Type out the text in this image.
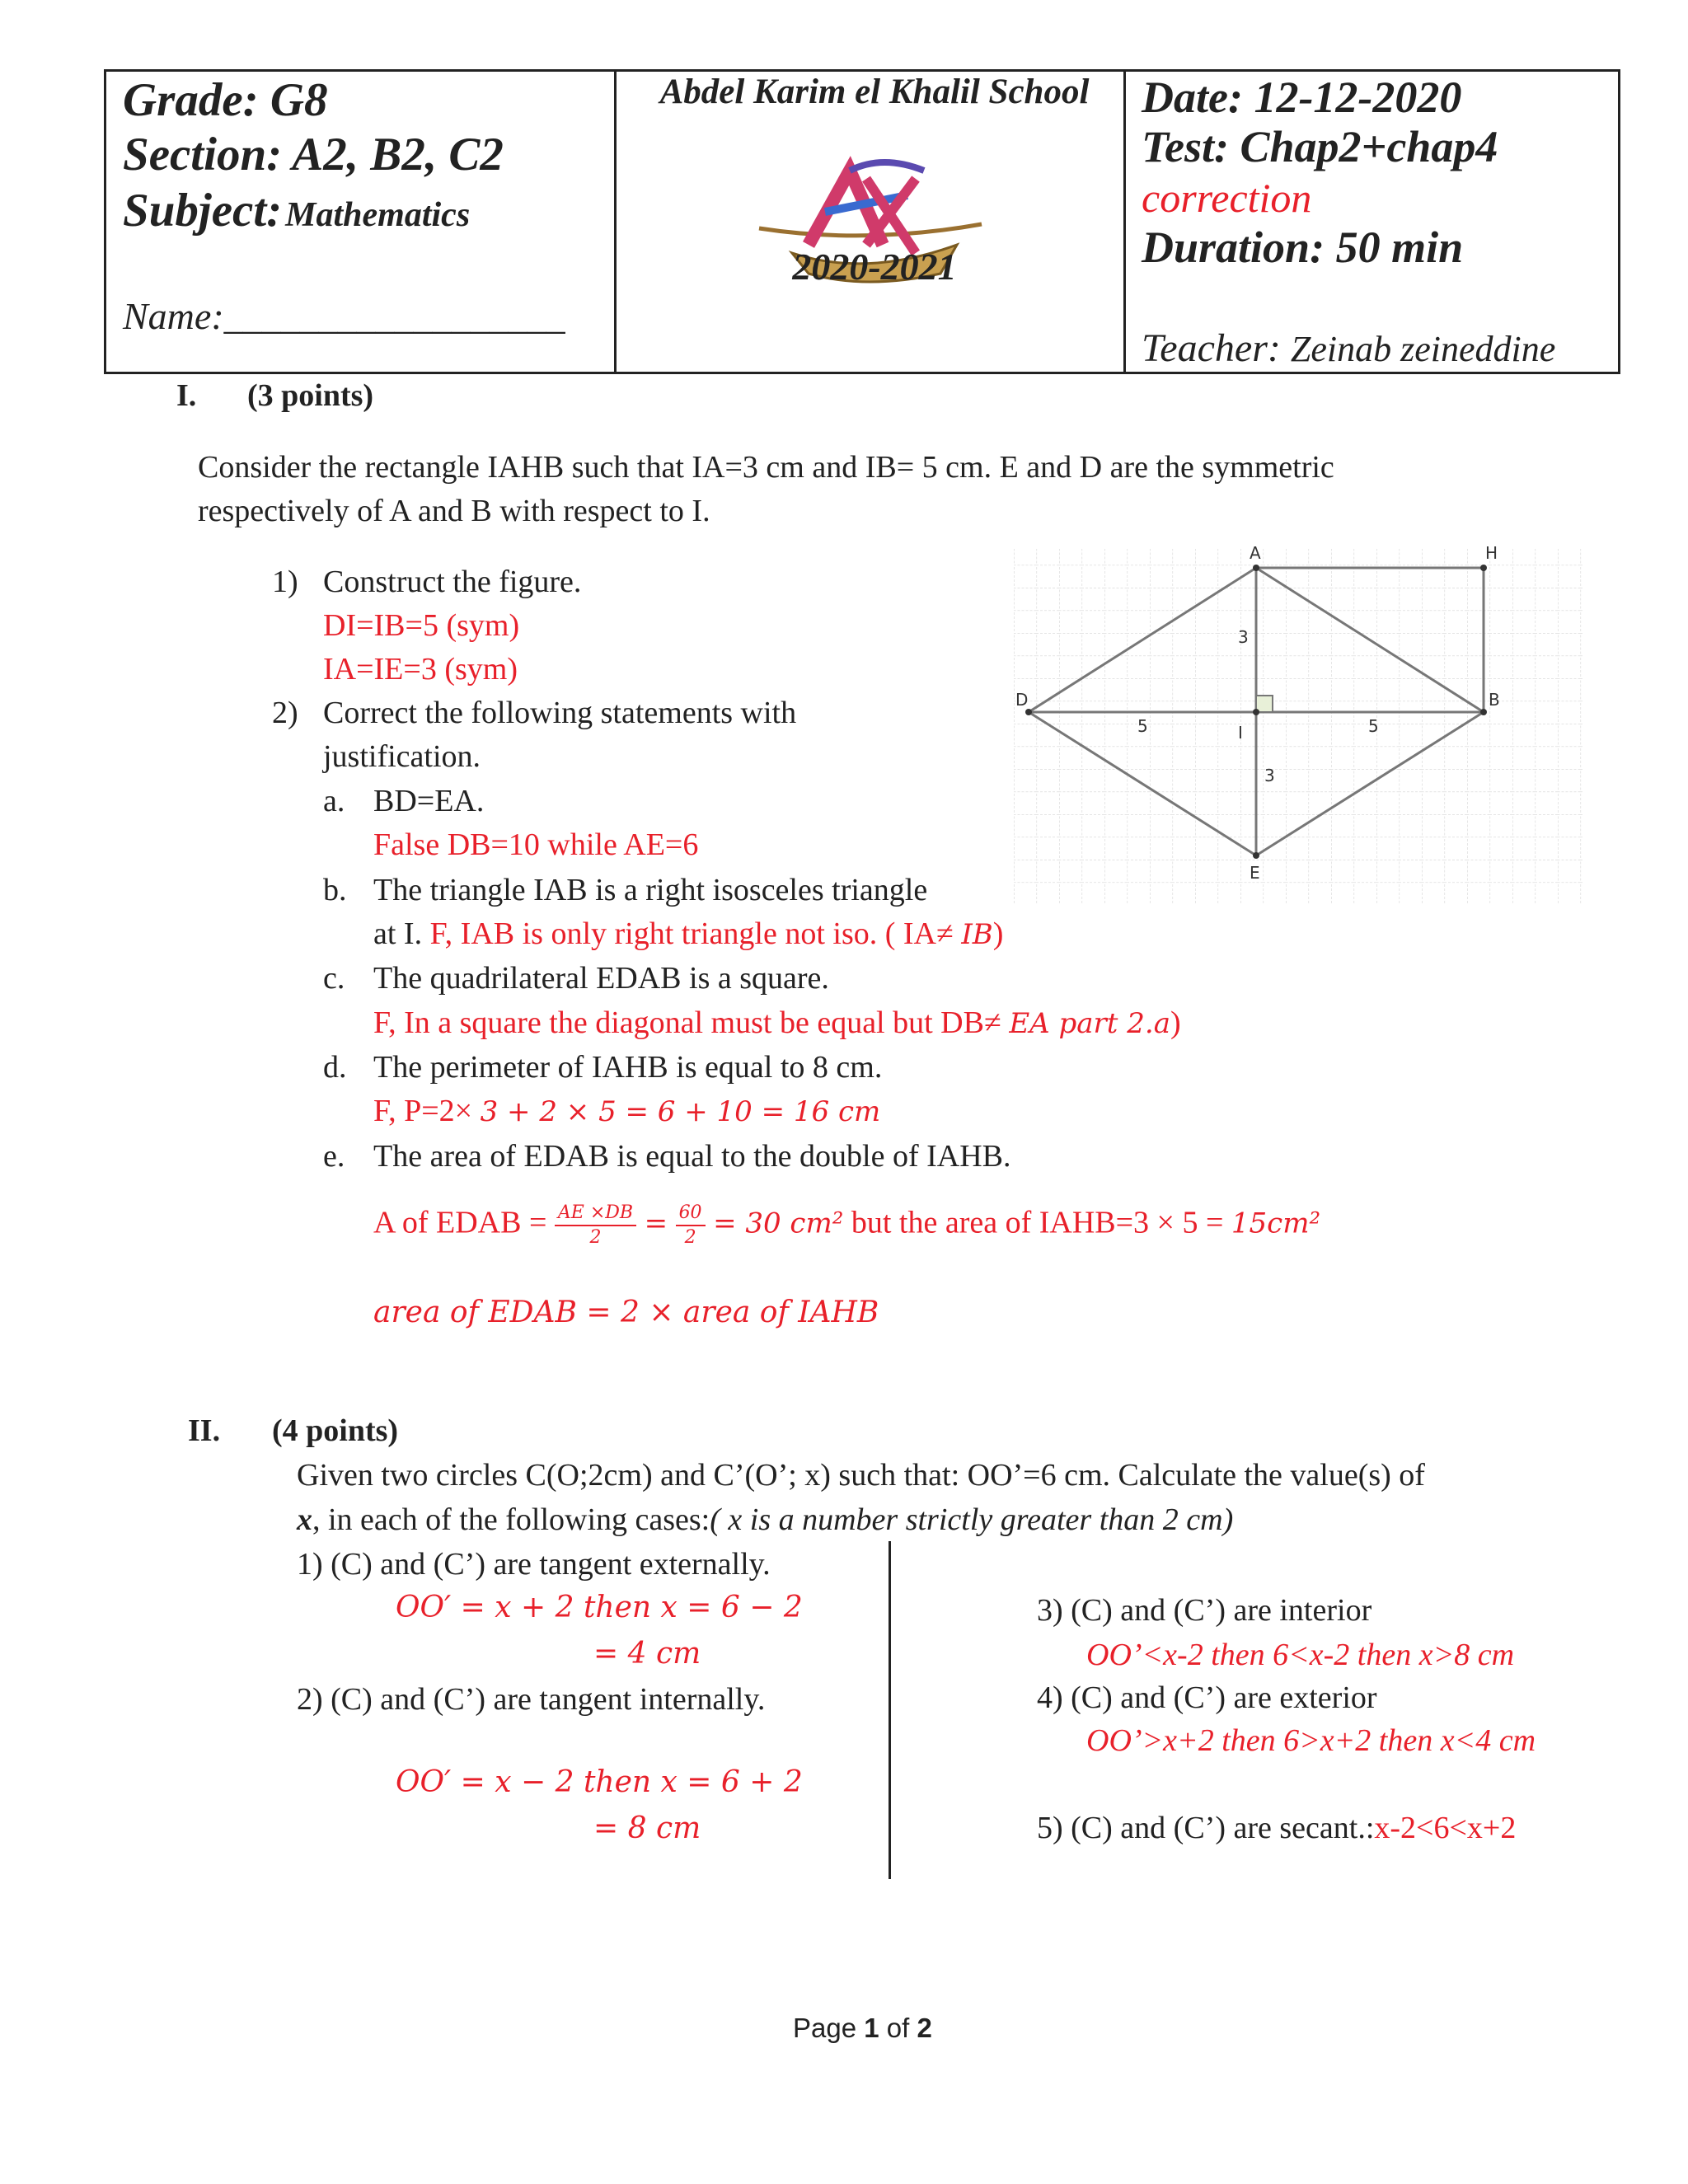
Grade: G8
Section: A2, B2, C2
Subject: Mathematics
Name:__________________
Abdel Karim el Khalil School
2020-2021
Date: 12-12-2020
Test: Chap2+chap4
correction
Duration: 50 min
Teacher: Zeinab zeineddine
I. (3 points)
Consider the rectangle IAHB such that IA=3 cm and IB= 5 cm. E and D are the symmetric
respectively of A and B with respect to I.
1) Construct the figure.
DI=IB=5 (sym)
IA=IE=3 (sym)
2) Correct the following statements with
justification.
a. BD=EA.
False DB=10 while AE=6
b. The triangle IAB is a right isosceles triangle
at I. F, IAB is only right triangle not iso. ( IA≠ IB)
c. The quadrilateral EDAB is a square.
F, In a square the diagonal must be equal but DB≠ EA part 2.a)
d. The perimeter of IAHB is equal to 8 cm.
F, P=2× 3 + 2 × 5 = 6 + 10 = 16 cm
e. The area of EDAB is equal to the double of IAHB.
A of EDAB = $\frac{AE \times DB}{2} = \frac{60}{2} = 30$ cm² but the area of IAHB=3 × 5 = 15cm²
area of EDAB = 2 × area of IAHB
A	H
D	B
I
E
3
3
5	5
II. (4 points)
Given two circles C(O;2cm) and C’(O’; x) such that: OO’=6 cm. Calculate the value(s) of
x, in each of the following cases:( x is a number strictly greater than 2 cm)
1) (C) and (C’) are tangent externally.
OO′ = x + 2 then x = 6 − 2
= 4 cm
2) (C) and (C’) are tangent internally.
OO′ = x − 2 then x = 6 + 2
= 8 cm
3) (C) and (C’) are interior
OO’<x-2 then 6<x-2 then x>8 cm
4) (C) and (C’) are exterior
OO’>x+2 then 6>x+2 then x<4 cm
5) (C) and (C’) are secant.:x-2<6<x+2
Page 1 of 2
